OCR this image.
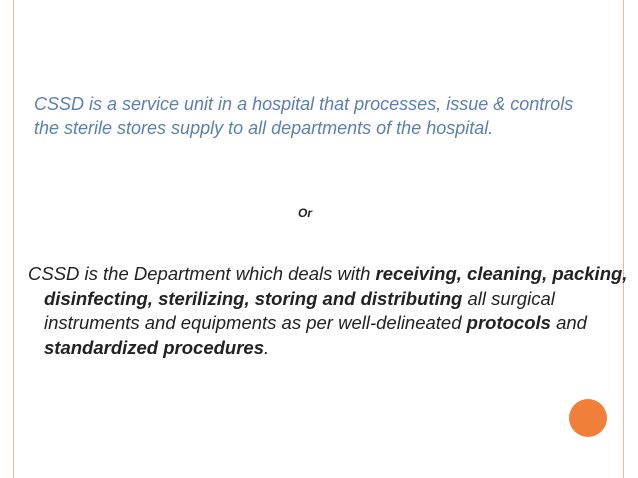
CSSD is a service unit in a hospital that processes, issue & controls the sterile stores supply to all departments of the hospital.

Or

CSSD is the Department which deals with receiving, cleaning, packing, disinfecting, sterilizing, storing and distributing all surgical instruments and equipments as per well-delineated protocols and standardized procedures.
